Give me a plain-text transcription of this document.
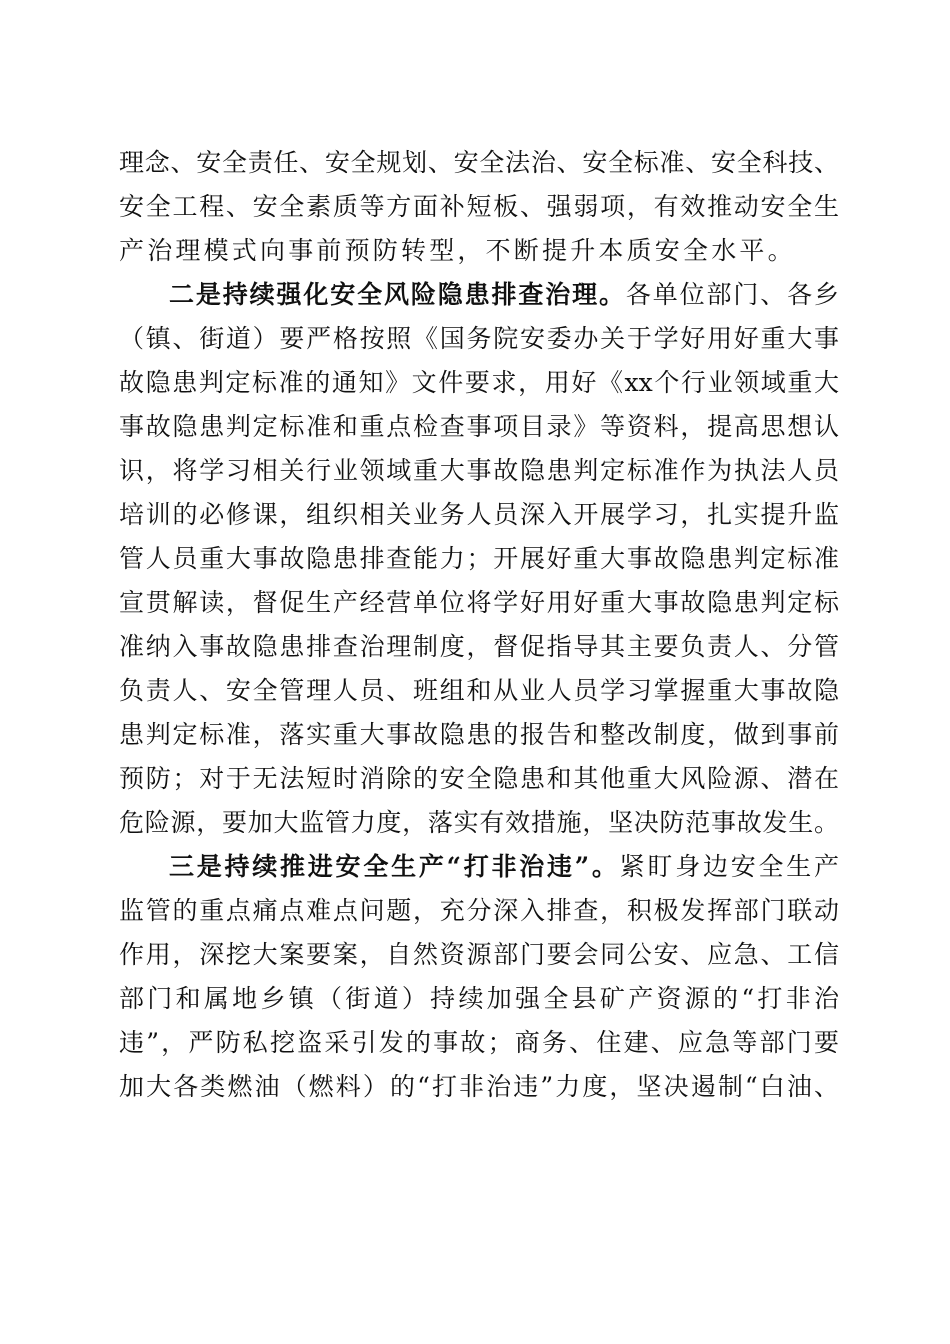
理念、安全责任、安全规划、安全法治、安全标准、安全科技、
安全工程、安全素质等方面补短板、强弱项，有效推动安全生
产治理模式向事前预防转型，不断提升本质安全水平。
二是持续强化安全风险隐患排查治理。各单位部门、各乡
（镇、街道）要严格按照《国务院安委办关于学好用好重大事
故隐患判定标准的通知》文件要求，用好《xx个行业领域重大
事故隐患判定标准和重点检查事项目录》等资料，提高思想认
识，将学习相关行业领域重大事故隐患判定标准作为执法人员
培训的必修课，组织相关业务人员深入开展学习，扎实提升监
管人员重大事故隐患排查能力；开展好重大事故隐患判定标准
宣贯解读，督促生产经营单位将学好用好重大事故隐患判定标
准纳入事故隐患排查治理制度，督促指导其主要负责人、分管
负责人、安全管理人员、班组和从业人员学习掌握重大事故隐
患判定标准，落实重大事故隐患的报告和整改制度，做到事前
预防；对于无法短时消除的安全隐患和其他重大风险源、潜在
危险源，要加大监管力度，落实有效措施，坚决防范事故发生。
三是持续推进安全生产“打非治违”。紧盯身边安全生产
监管的重点痛点难点问题，充分深入排查，积极发挥部门联动
作用，深挖大案要案，自然资源部门要会同公安、应急、工信
部门和属地乡镇（街道）持续加强全县矿产资源的“打非治
违”，严防私挖盗采引发的事故；商务、住建、应急等部门要
加大各类燃油（燃料）的“打非治违”力度，坚决遏制“白油、
